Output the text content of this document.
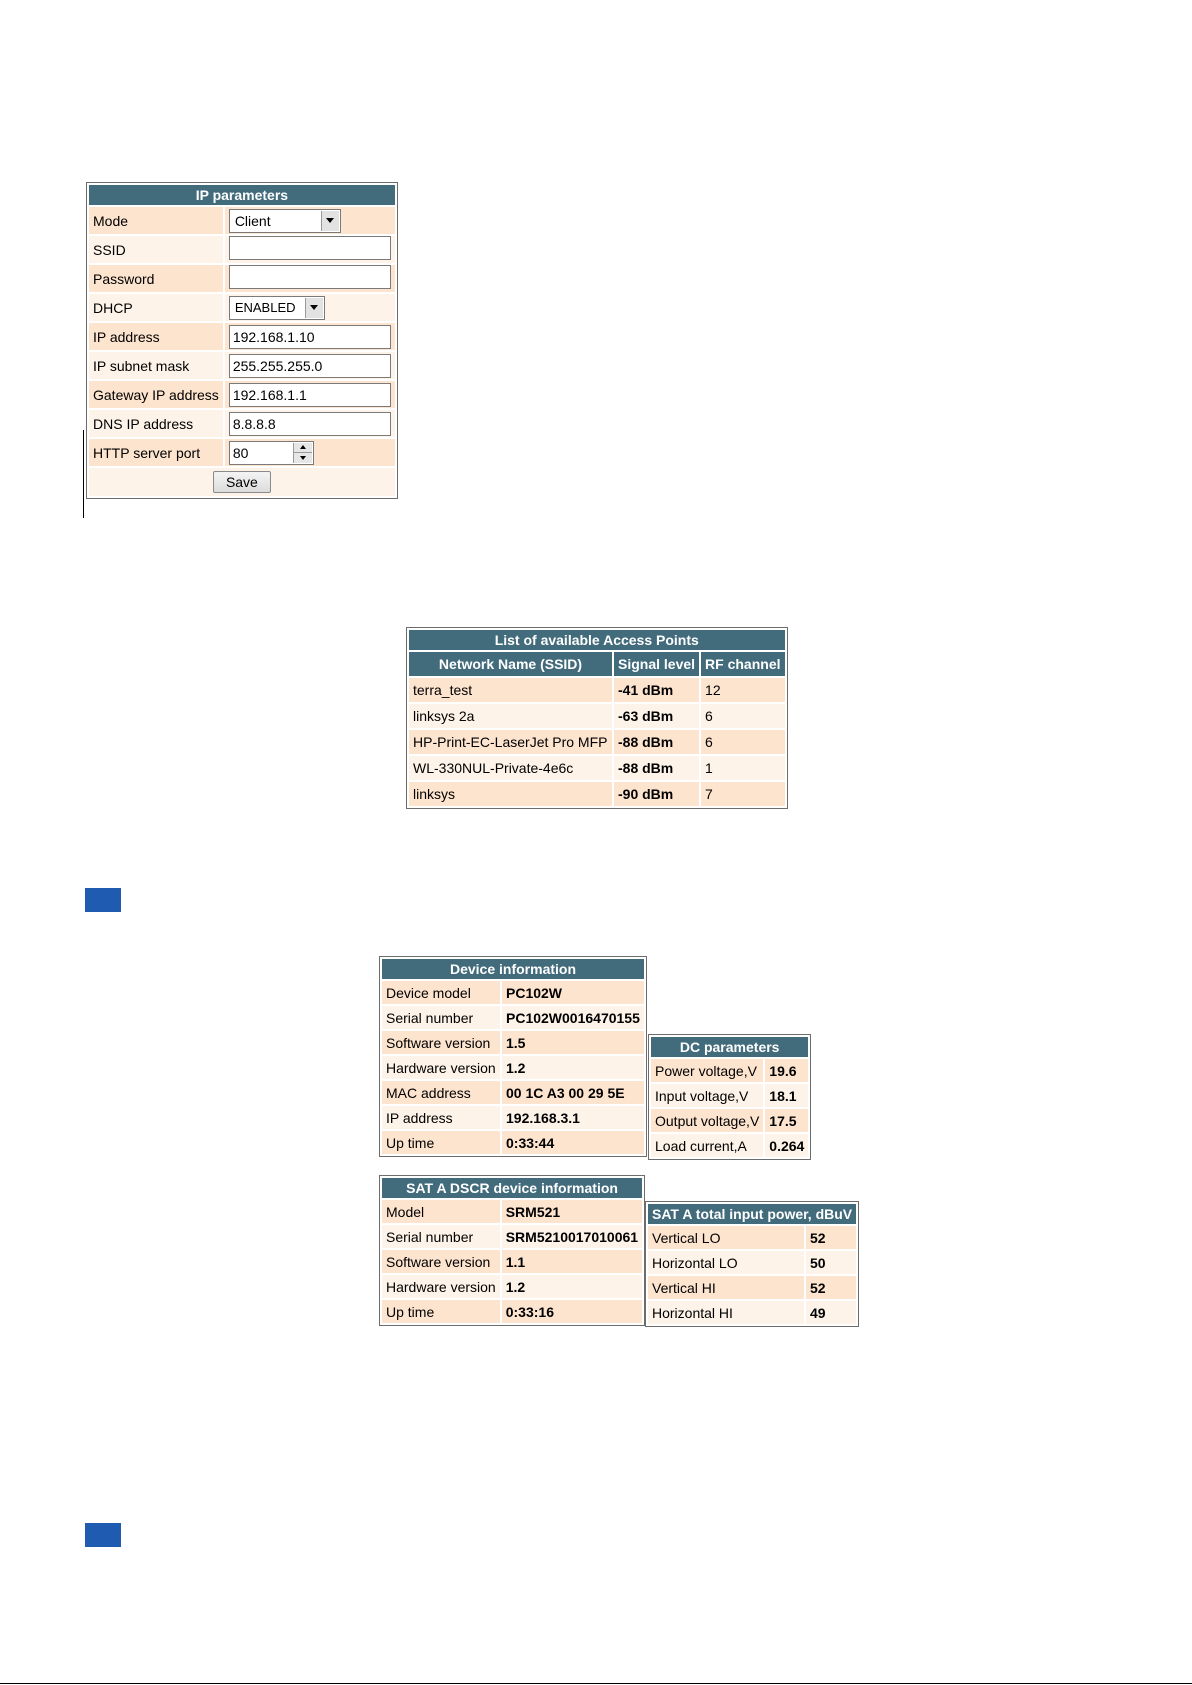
IP parameters	
Mode	Client

SSID	
Password	
DHCP	ENABLED

IP address	192.168.1.10
IP subnet mask	255.255.255.0
Gateway IP address	192.168.1.1
DNS IP address	8.8.8.8
HTTP server port	80

Save	
List of available Access Points		
Network Name (SSID)	Signal level	RF channel
terra_test	-41 dBm	12
linksys 2a	-63 dBm	6
HP-Print-EC-LaserJet Pro MFP	-88 dBm	6
WL-330NUL-Private-4e6c	-88 dBm	1
linksys	-90 dBm	7
Device information	
Device model	PC102W
Serial number	PC102W0016470155
Software version	1.5
Hardware version	1.2
MAC address	00 1C A3 00 29 5E
IP address	192.168.3.1
Up time	0:33:44
DC parameters	
Power voltage,V	19.6
Input voltage,V	18.1
Output voltage,V	17.5
Load current,A	0.264
SAT A DSCR device information	
Model	SRM521
Serial number	SRM5210017010061
Software version	1.1
Hardware version	1.2
Up time	0:33:16
SAT A total input power, dBuV	
Vertical LO	52
Horizontal LO	50
Vertical HI	52
Horizontal HI	49
